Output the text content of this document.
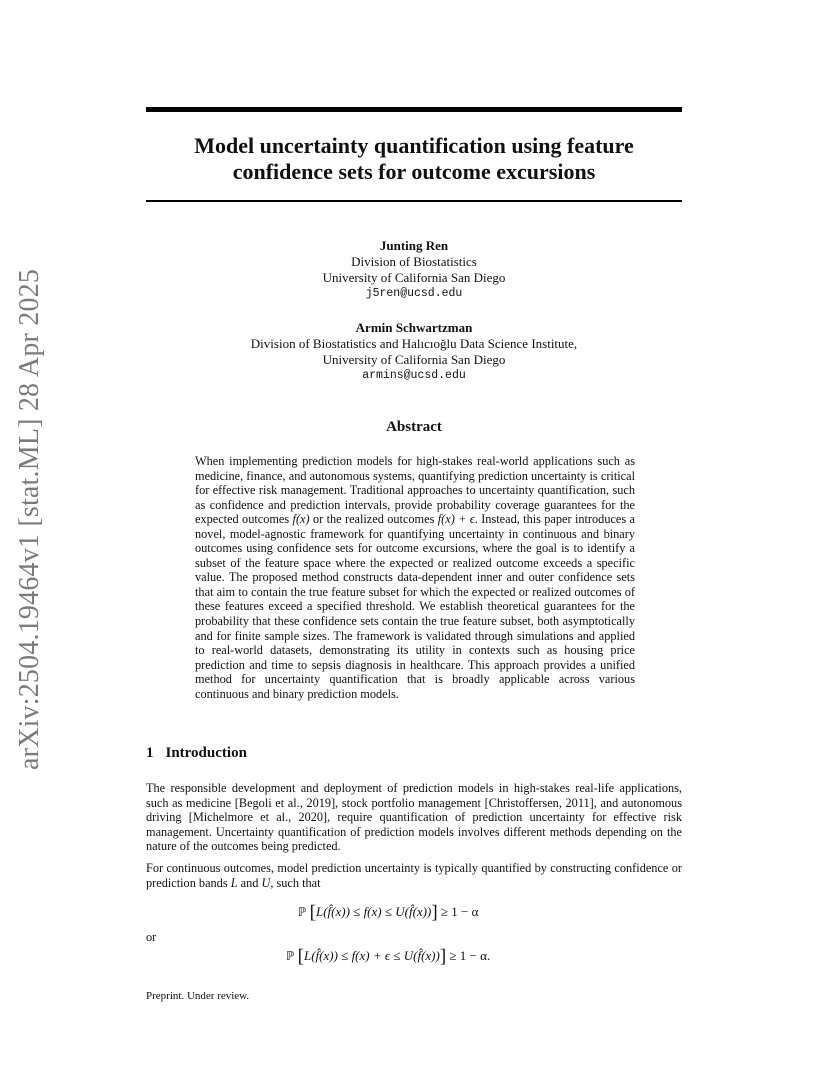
arXiv:2504.19464v1 [stat.ML] 28 Apr 2025
Model uncertainty quantification using feature
confidence sets for outcome excursions
Junting Ren
Division of Biostatistics
University of California San Diego
j5ren@ucsd.edu
Armin Schwartzman
Division of Biostatistics and Halıcıoğlu Data Science Institute,
University of California San Diego
armins@ucsd.edu
Abstract
When implementing prediction models for high-stakes real-world applications such as medicine, finance, and autonomous systems, quantifying prediction uncertainty is critical for effective risk management. Traditional approaches to uncertainty quantification, such as confidence and prediction intervals, provide probability coverage guarantees for the expected outcomes f(x) or the realized outcomes f(x) + ϵ. Instead, this paper introduces a novel, model-agnostic framework for quantifying uncertainty in continuous and binary outcomes using confidence sets for outcome excursions, where the goal is to identify a subset of the feature space where the expected or realized outcome exceeds a specific value. The proposed method constructs data-dependent inner and outer confidence sets that aim to contain the true feature subset for which the expected or realized outcomes of these features exceed a specified threshold. We establish theoretical guarantees for the probability that these confidence sets contain the true feature subset, both asymptotically and for finite sample sizes. The framework is validated through simulations and applied to real-world datasets, demonstrating its utility in contexts such as housing price prediction and time to sepsis diagnosis in healthcare. This approach provides a unified method for uncertainty quantification that is broadly applicable across various continuous and binary prediction models.
1 Introduction
The responsible development and deployment of prediction models in high-stakes real-life applications, such as medicine [Begoli et al., 2019], stock portfolio management [Christoffersen, 2011], and autonomous driving [Michelmore et al., 2020], require quantification of prediction uncertainty for effective risk management. Uncertainty quantification of prediction models involves different methods depending on the nature of the outcomes being predicted.
For continuous outcomes, model prediction uncertainty is typically quantified by constructing confidence or prediction bands L and U, such that
ℙ [L(f̂(x)) ≤ f(x) ≤ U(f̂(x))] ≥ 1 − α
or
ℙ [L(f̂(x)) ≤ f(x) + ϵ ≤ U(f̂(x))] ≥ 1 − α.
Preprint. Under review.
